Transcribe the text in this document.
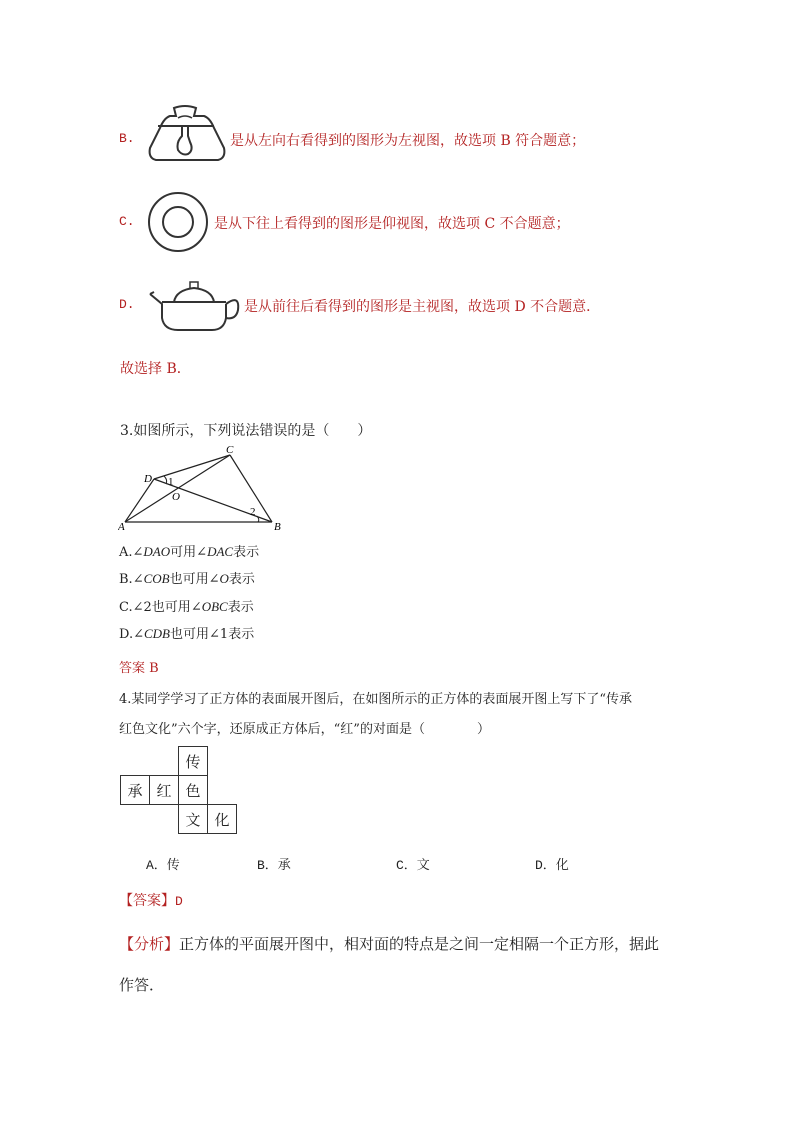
B.	是从左向右看得到的图形为左视图，故选项 B 符合题意；
C.	是从下往上看得到的图形是仰视图，故选项 C 不合题意；
D.	是从前往后看得到的图形是主视图，故选项 D 不合题意．
故选择 B．
3.如图所示，下列说法错误的是（　　）
A	B
C
D
O
1
2
A.∠DAO可用∠DAC表示
B.∠COB也可用∠O表示
C.∠2也可用∠OBC表示
D.∠CDB也可用∠1表示
答案 B
4.某同学学习了正方体的表面展开图后，在如图所示的正方体的表面展开图上写下了“传承
红色文化”六个字，还原成正方体后，“红”的对面是（　　　　）
		传	
承	红	色	
		文	化
A．传	B．承	C．文	D．化
【答案】D
【分析】正方体的平面展开图中，相对面的特点是之间一定相隔一个正方形，据此
作答．
